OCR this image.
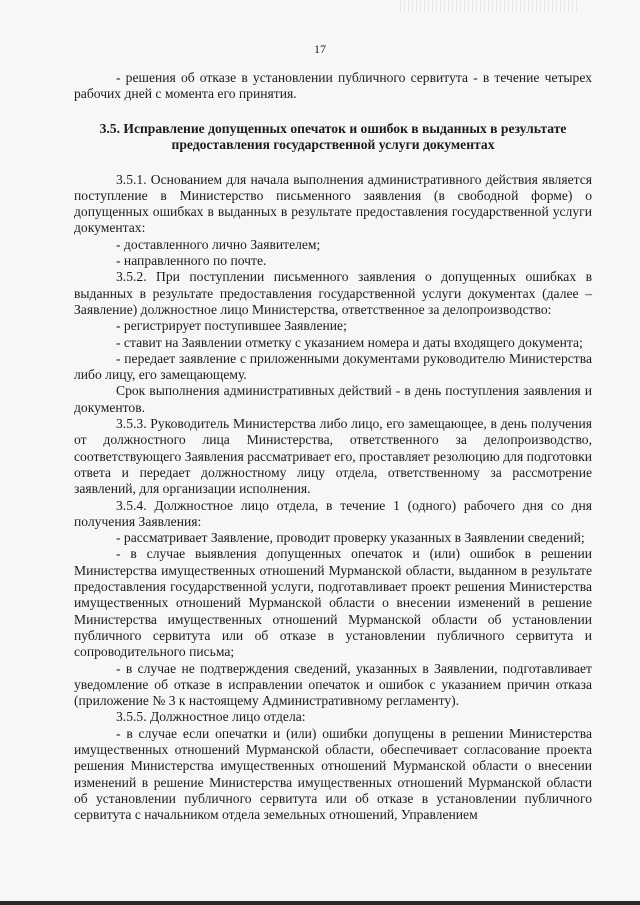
17

- решения об отказе в установлении публичного сервитута - в течение четырех рабочих дней с момента его принятия.

3.5. Исправление допущенных опечаток и ошибок в выданных в результате предоставления государственной услуги документах

3.5.1. Основанием для начала выполнения административного действия является поступление в Министерство письменного заявления (в свободной форме) о допущенных ошибках в выданных в результате предоставления государственной услуги документах:

- доставленного лично Заявителем;

- направленного по почте.

3.5.2. При поступлении письменного заявления о допущенных ошибках в выданных в результате предоставления государственной услуги документах (далее – Заявление) должностное лицо Министерства, ответственное за делопроизводство:

- регистрирует поступившее Заявление;

- ставит на Заявлении отметку с указанием номера и даты входящего документа;

- передает заявление с приложенными документами руководителю Министерства либо лицу, его замещающему.

Срок выполнения административных действий - в день поступления заявления и документов.

3.5.3. Руководитель Министерства либо лицо, его замещающее, в день получения от должностного лица Министерства, ответственного за делопроизводство, соответствующего Заявления рассматривает его, проставляет резолюцию для подготовки ответа и передает должностному лицу отдела, ответственному за рассмотрение заявлений, для организации исполнения.

3.5.4. Должностное лицо отдела, в течение 1 (одного) рабочего дня со дня получения Заявления:

- рассматривает Заявление, проводит проверку указанных в Заявлении сведений;

- в случае выявления допущенных опечаток и (или) ошибок в решении Министерства имущественных отношений Мурманской области, выданном в результате предоставления государственной услуги, подготавливает проект решения Министерства имущественных отношений Мурманской области о внесении изменений в решение Министерства имущественных отношений Мурманской области об установлении публичного сервитута или об отказе в установлении публичного сервитута и сопроводительного письма;

- в случае не подтверждения сведений, указанных в Заявлении, подготавливает уведомление об отказе в исправлении опечаток и ошибок с указанием причин отказа (приложение № 3 к настоящему Административному регламенту).

3.5.5. Должностное лицо отдела:

- в случае если опечатки и (или) ошибки допущены в решении Министерства имущественных отношений Мурманской области, обеспечивает согласование проекта решения Министерства имущественных отношений Мурманской области о внесении изменений в решение Министерства имущественных отношений Мурманской области об установлении публичного сервитута или об отказе в установлении публичного сервитута с начальником отдела земельных отношений, Управлением
